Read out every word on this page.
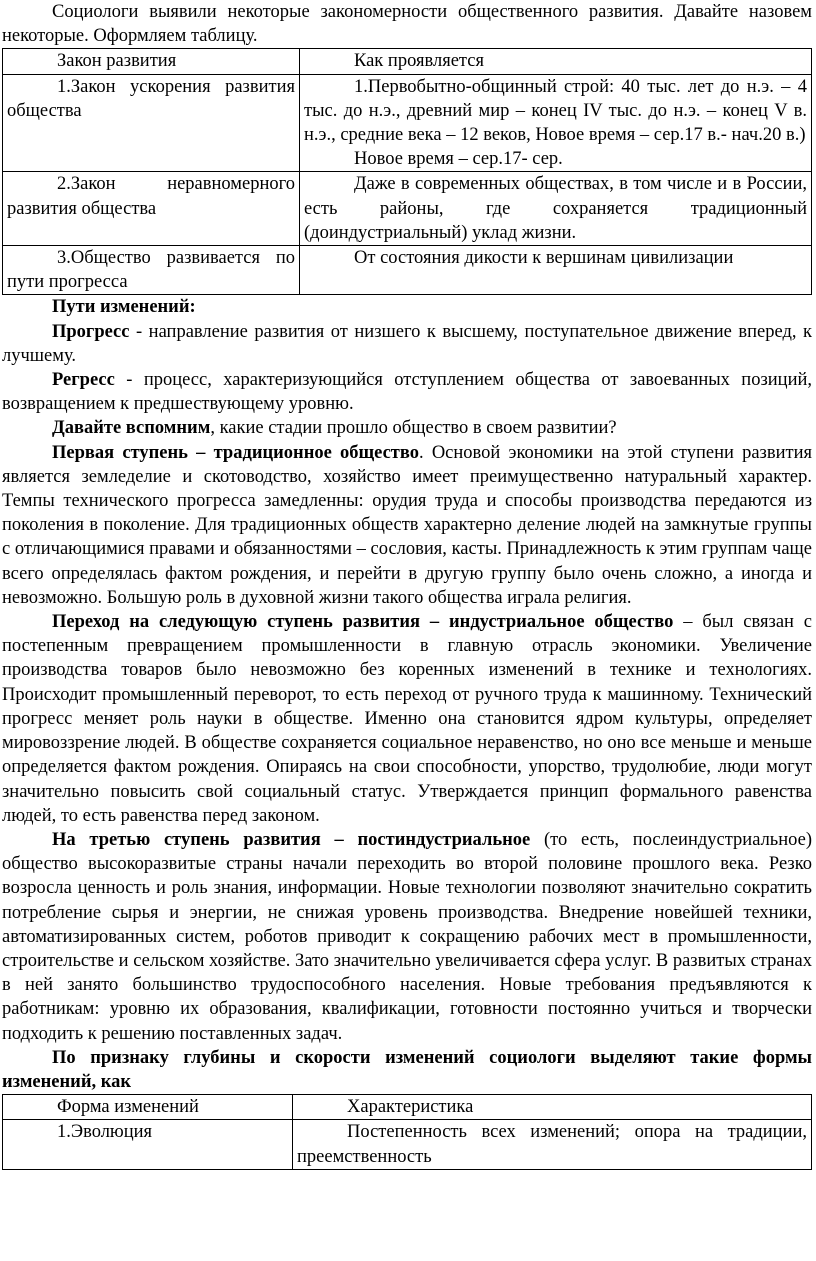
Социологи выявили некоторые закономерности общественного развития. Давайте назовем некоторые. Оформляем таблицу.

Закон развития	Как проявляется

1.Закон ускорения развития общества	1.Первобытно-общинный строй: 40 тыс. лет до н.э. – 4 тыс. до н.э., древний мир – конец IV тыс. до н.э. – конец V в. н.э., средние века – 12 веков, Новое время – сер.17 в.- нач.20 в.)
Новое время – сер.17- сер.

2.Закон неравномерного развития общества	Даже в современных обществах, в том числе и в России, есть районы, где сохраняется традиционный (доиндустриальный) уклад жизни.

3.Общество развивается по пути прогресса	От состояния дикости к вершинам цивилизации

Пути изменений:

Прогресс - направление развития от низшего к высшему, поступательное движение вперед, к лучшему.

Регресс - процесс, характеризующийся отступлением общества от завоеванных позиций, возвращением к предшествующему уровню.

Давайте вспомним, какие стадии прошло общество в своем развитии?

Первая ступень – традиционное общество. Основой экономики на этой ступени развития является земледелие и скотоводство, хозяйство имеет преимущественно натуральный характер. Темпы технического прогресса замедленны: орудия труда и способы производства передаются из поколения в поколение. Для традиционных обществ характерно деление людей на замкнутые группы с отличающимися правами и обязанностями – сословия, касты. Принадлежность к этим группам чаще всего определялась фактом рождения, и перейти в другую группу было очень сложно, а иногда и невозможно. Большую роль в духовной жизни такого общества играла религия.

Переход на следующую ступень развития – индустриальное общество – был связан с постепенным превращением промышленности в главную отрасль экономики. Увеличение производства товаров было невозможно без коренных изменений в технике и технологиях. Происходит промышленный переворот, то есть переход от ручного труда к машинному. Технический прогресс меняет роль науки в обществе. Именно она становится ядром культуры, определяет мировоззрение людей. В обществе сохраняется социальное неравенство, но оно все меньше и меньше определяется фактом рождения. Опираясь на свои способности, упорство, трудолюбие, люди могут значительно повысить свой социальный статус. Утверждается принцип формального равенства людей, то есть равенства перед законом.

На третью ступень развития – постиндустриальное (то есть, послеиндустриальное) общество высокоразвитые страны начали переходить во второй половине прошлого века. Резко возросла ценность и роль знания, информации. Новые технологии позволяют значительно сократить потребление сырья и энергии, не снижая уровень производства. Внедрение новейшей техники, автоматизированных систем, роботов приводит к сокращению рабочих мест в промышленности, строительстве и сельском хозяйстве. Зато значительно увеличивается сфера услуг. В развитых странах в ней занято большинство трудоспособного населения. Новые требования предъявляются к работникам: уровню их образования, квалификации, готовности постоянно учиться и творчески подходить к решению поставленных задач.

По признаку глубины и скорости изменений социологи выделяют такие формы изменений, как

Форма изменений	Характеристика

1.Эволюция	Постепенность всех изменений; опора на традиции, преемственность
